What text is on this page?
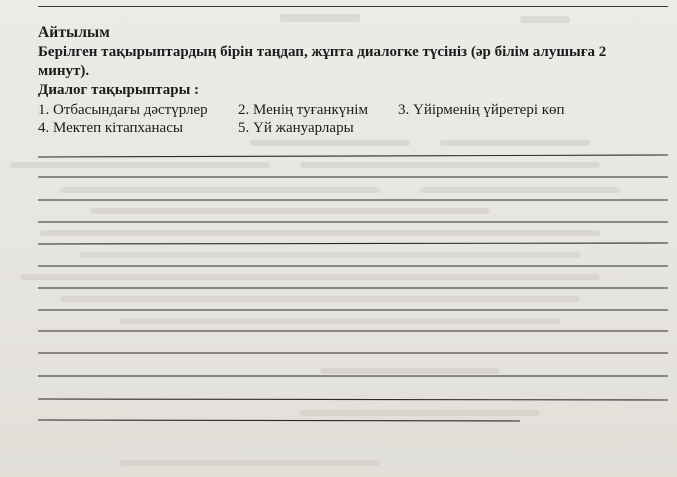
Айтылым
Берілген тақырыптардың бірін таңдап, жұпта диалогке түсініз (әр білім алушыға 2 минут).
Диалог тақырыптары :
1. Отбасындағы дәстүрлер 2. Менің туғанкүнім 3. Үйірменің үйретері көп
4. Мектеп кітапханасы	5. Үй жануарлары
